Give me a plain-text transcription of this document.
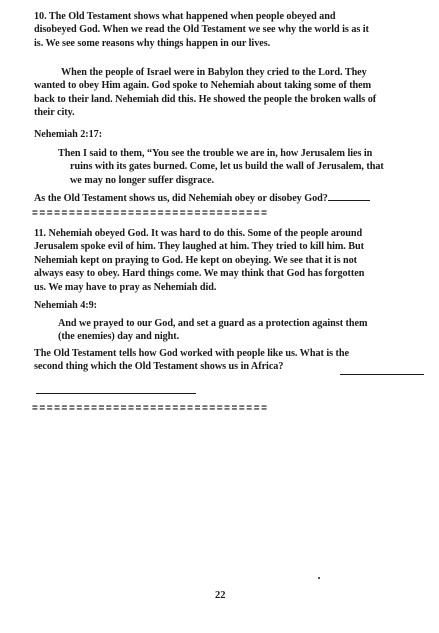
10. The Old Testament shows what happened when people obeyed and
disobeyed God. When we read the Old Testament we see why the world is as it
is. We see some reasons why things happen in our lives.
When the people of Israel were in Babylon they cried to the Lord. They
wanted to obey Him again. God spoke to Nehemiah about taking some of them
back to their land. Nehemiah did this. He showed the people the broken walls of
their city.
Nehemiah 2:17:
Then I said to them, “You see the trouble we are in, how Jerusalem lies in
ruins with its gates burned. Come, let us build the wall of Jerusalem, that
we may no longer suffer disgrace.
As the Old Testament shows us, did Nehemiah obey or disobey God?
================================
11. Nehemiah obeyed God. It was hard to do this. Some of the people around
Jerusalem spoke evil of him. They laughed at him. They tried to kill him. But
Nehemiah kept on praying to God. He kept on obeying. We see that it is not
always easy to obey. Hard things come. We may think that God has forgotten
us. We may have to pray as Nehemiah did.
Nehemiah 4:9:
And we prayed to our God, and set a guard as a protection against them
(the enemies) day and night.
The Old Testament tells how God worked with people like us. What is the
second thing which the Old Testament shows us in Africa?
================================
22
